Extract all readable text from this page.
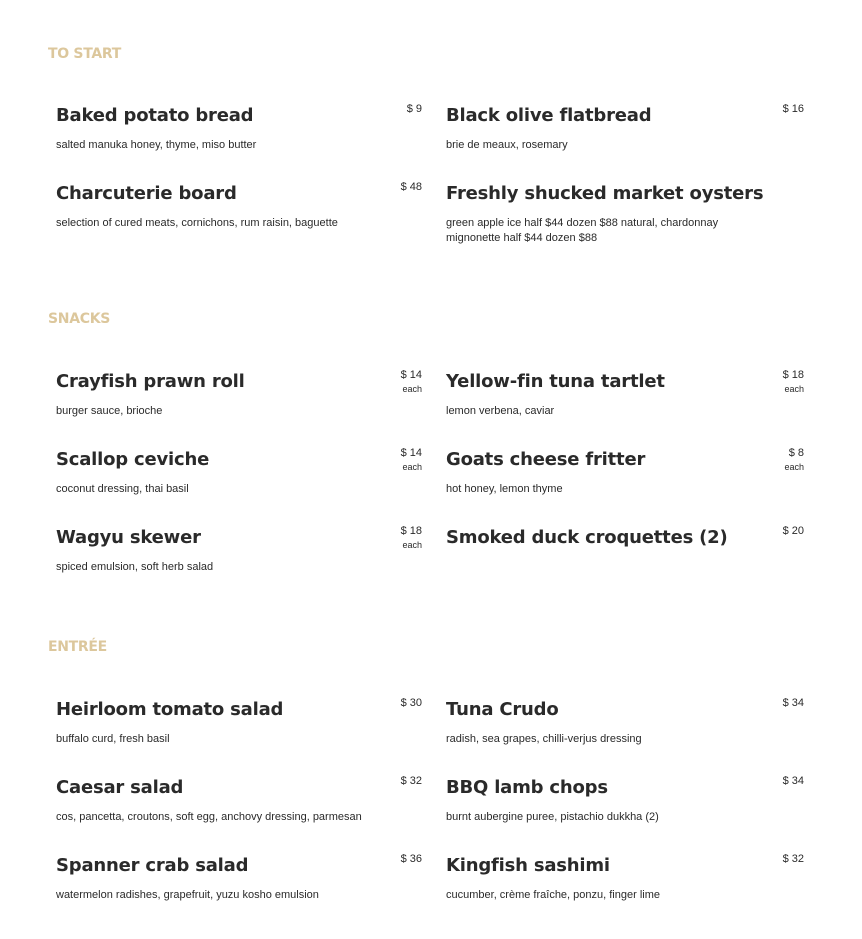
TO START
Baked potato bread	$ 9
salted manuka honey, thyme, miso butter
Black olive flatbread	$ 16
brie de meaux, rosemary
Charcuterie board	$ 48
selection of cured meats, cornichons, rum raisin, baguette
Freshly shucked market oysters
green apple ice half $44 dozen $88 natural, chardonnay mignonette half $44 dozen $88
SNACKS
Crayfish prawn roll	$ 14
each
burger sauce, brioche
Yellow-fin tuna tartlet	$ 18
each
lemon verbena, caviar
Scallop ceviche	$ 14
each
coconut dressing, thai basil
Goats cheese fritter	$ 8
each
hot honey, lemon thyme
Wagyu skewer	$ 18
each
spiced emulsion, soft herb salad
Smoked duck croquettes (2)	$ 20
ENTRÉE
Heirloom tomato salad	$ 30
buffalo curd, fresh basil
Tuna Crudo	$ 34
radish, sea grapes, chilli-verjus dressing
Caesar salad	$ 32
cos, pancetta, croutons, soft egg, anchovy dressing, parmesan
BBQ lamb chops	$ 34
burnt aubergine puree, pistachio dukkha (2)
Spanner crab salad	$ 36
watermelon radishes, grapefruit, yuzu kosho emulsion
Kingfish sashimi	$ 32
cucumber, crème fraîche, ponzu, finger lime
